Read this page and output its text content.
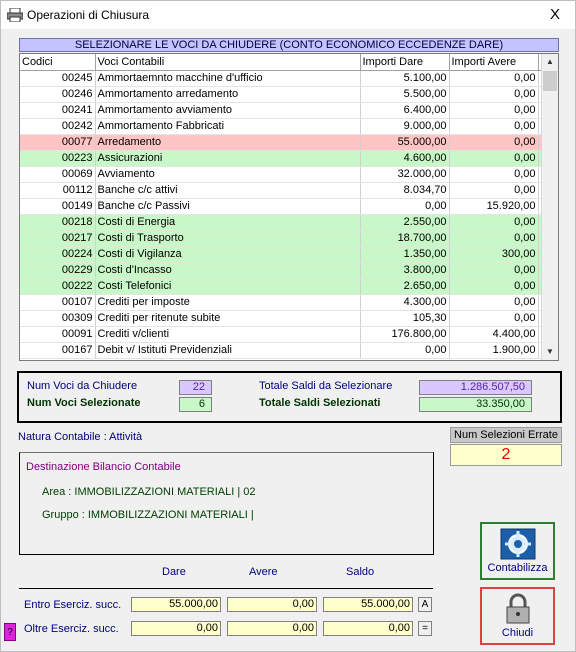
Operazioni di Chiusura	X
SELEZIONARE LE VOCI DA CHIUDERE (CONTO ECONOMICO ECCEDENZE DARE)
Codici	Voci Contabili	Importi Dare	Importi Avere	
00245	Ammortaemnto macchine d'ufficio	5.100,00	0,00	
00246	Ammortamento arredamento	5.500,00	0,00	
00241	Ammortamento avviamento	6.400,00	0,00	
00242	Ammortamento Fabbricati	9.000,00	0,00	
00077	Arredamento	55.000,00	0,00	
00223	Assicurazioni	4.600,00	0,00	
00069	Avviamento	32.000,00	0,00	
00112	Banche c/c attivi	8.034,70	0,00	
00149	Banche c/c Passivi	0,00	15.920,00	
00218	Costi di Energia	2.550,00	0,00	
00217	Costi di Trasporto	18.700,00	0,00	
00224	Costi di Vigilanza	1.350,00	300,00	
00229	Costi d'Incasso	3.800,00	0,00	
00222	Costi Telefonici	2.650,00	0,00	
00107	Crediti per imposte	4.300,00	0,00	
00309	Crediti per ritenute subite	105,30	0,00	
00091	Crediti v/clienti	176.800,00	4.400,00	
00167	Debit v/ Istituti Previdenziali	0,00	1.900,00	
▲
▼
Num Voci da Chiudere	22
Num Voci Selezionate	6
Totale Saldi da Selezionare	1.286.507,50
Totale Saldi Selezionati	33.350,00
Natura Contabile : Attività	Num Selezioni Errate
2
Destinazione Bilancio Contabile
Area : IMMOBILIZZAZIONI MATERIALI | 02
Gruppo : IMMOBILIZZAZIONI MATERIALI |
Contabilizza
Chiudi
Dare	Avere	Saldo
Entro Eserciz. succ.	55.000,00	0,00	55.000,00	A
Oltre Eserciz. succ.	0,00	0,00	0,00	=
?
